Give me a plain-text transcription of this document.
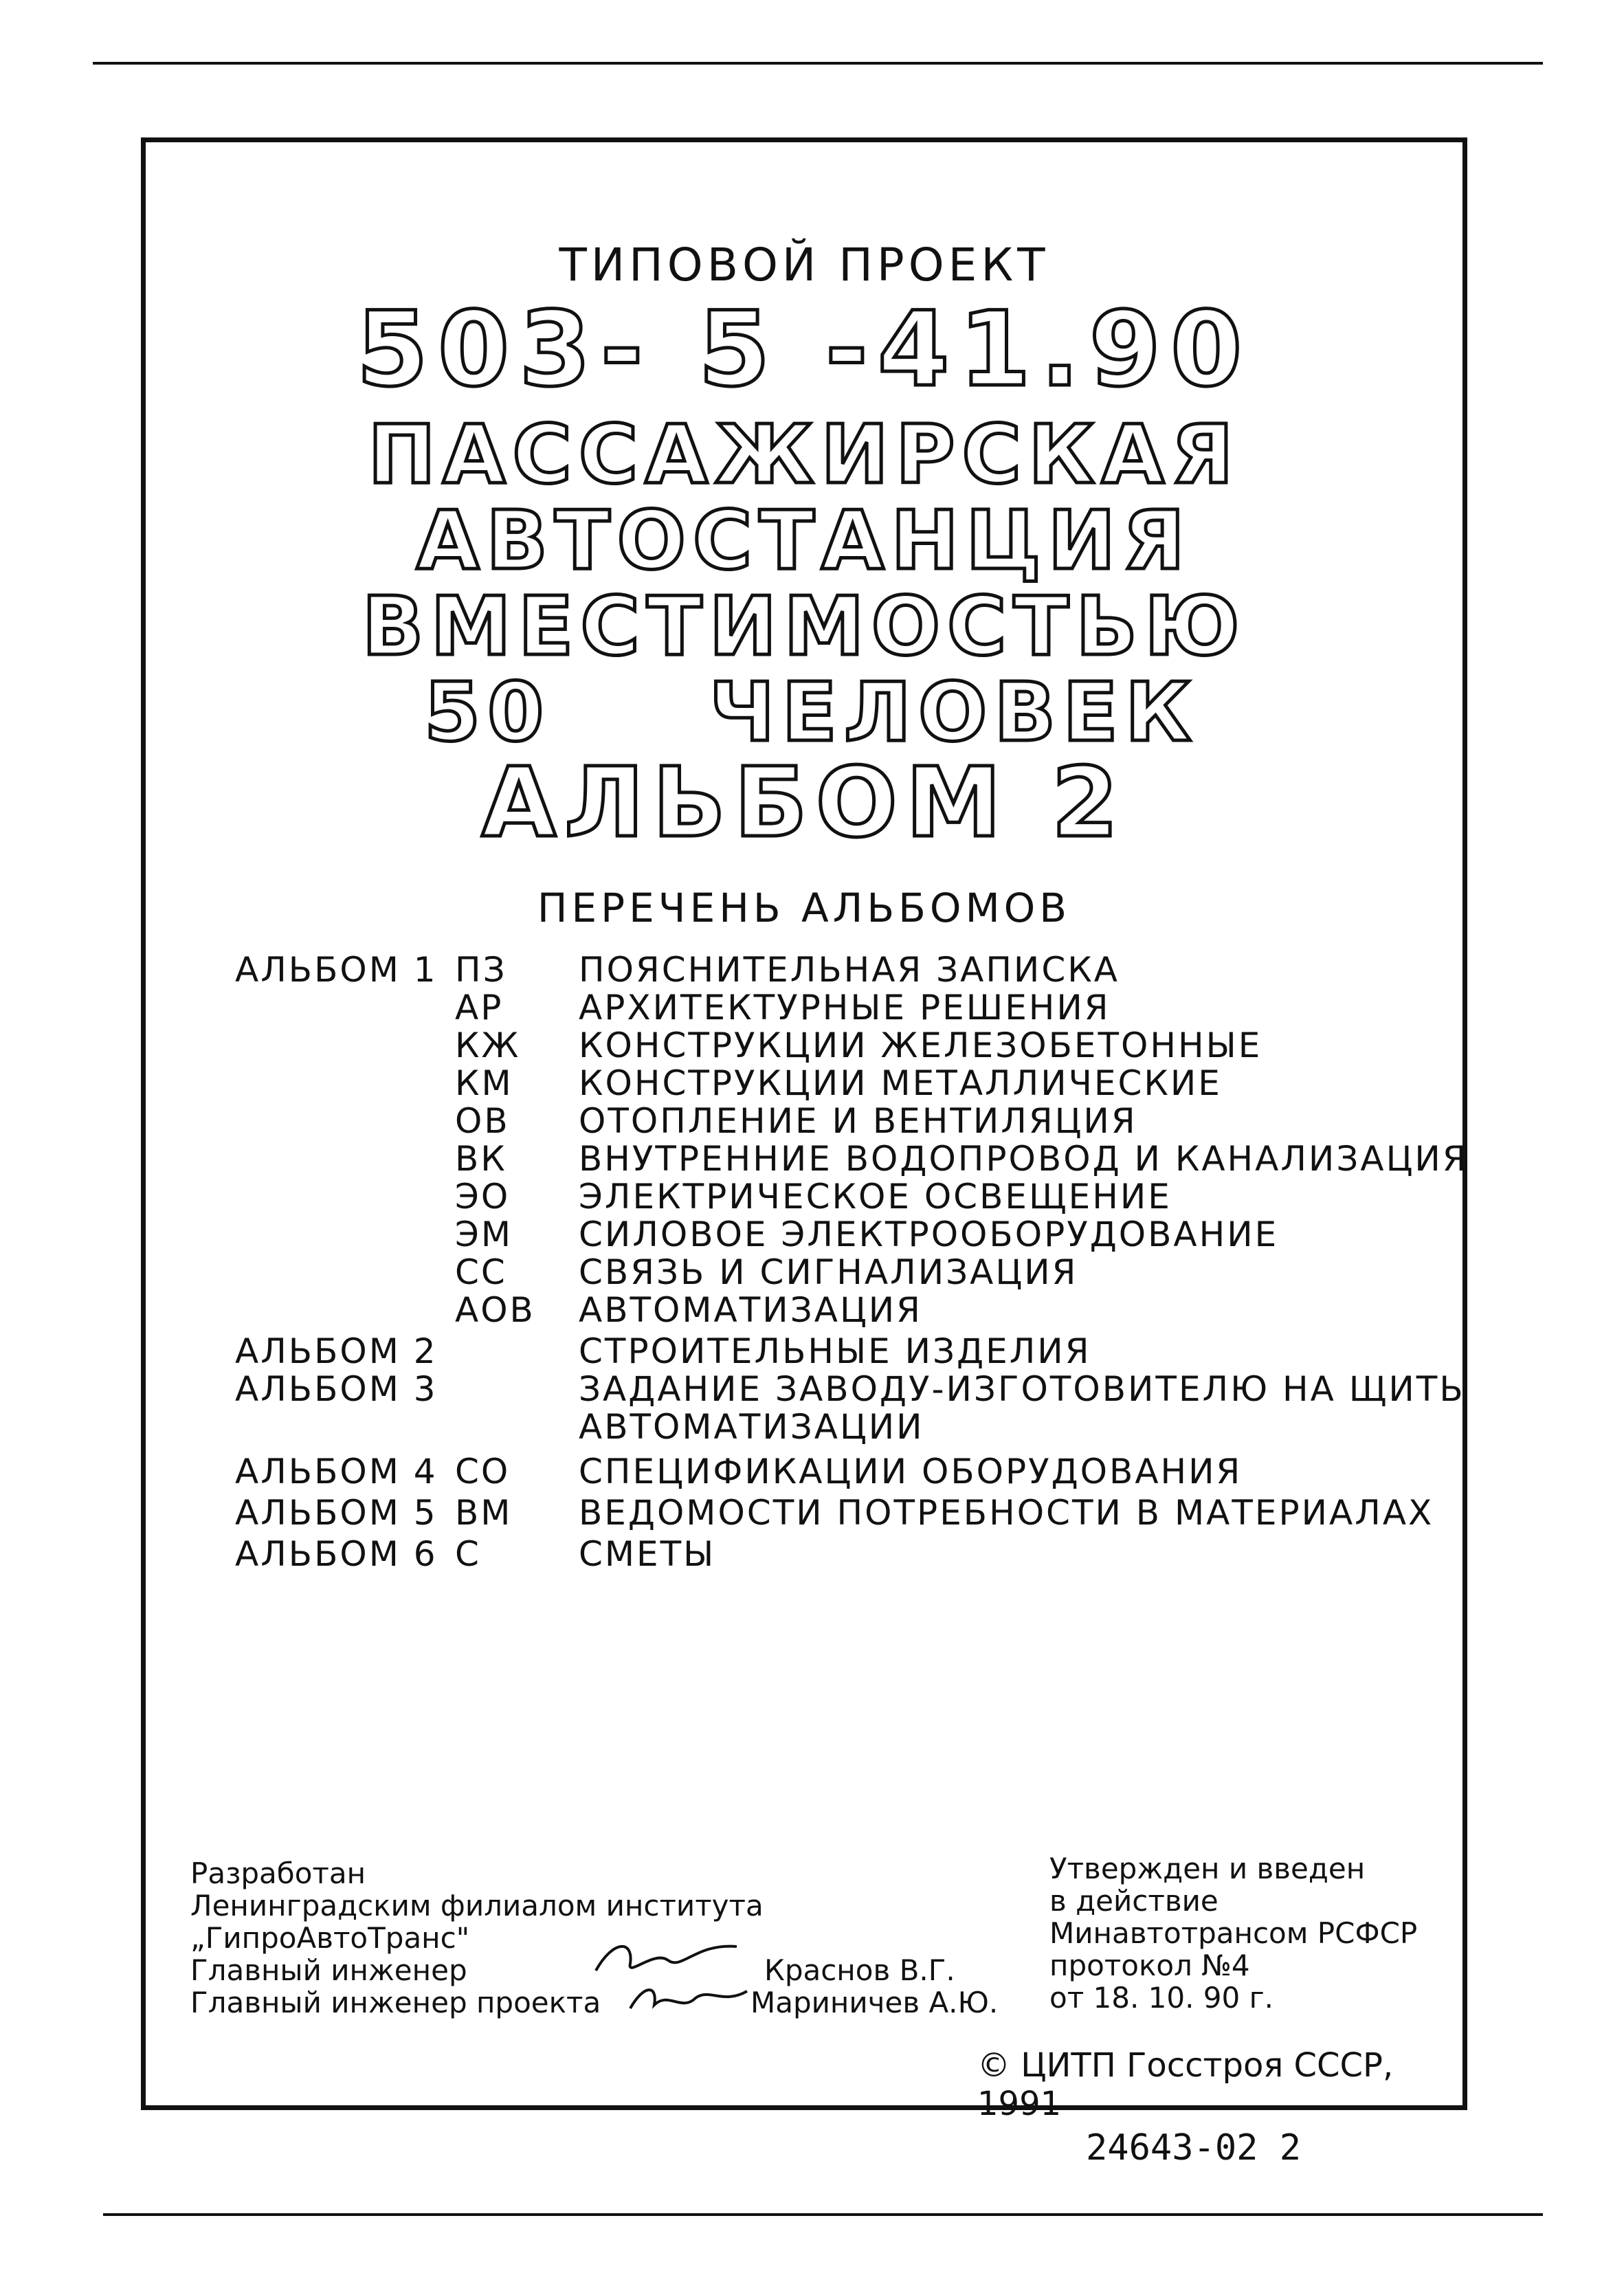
ТИПОВОЙ ПРОЕКТ
503- 5 -41.90
ПАССАЖИРСКАЯ
АВТОСТАНЦИЯ
ВМЕСТИМОСТЬЮ
50 ЧЕЛОВЕК
АЛЬБОМ 2
ПЕРЕЧЕНЬ АЛЬБОМОВ
АЛЬБОМ 1 ПЗ ПОЯСНИТЕЛЬНАЯ ЗАПИСКА
АР АРХИТЕКТУРНЫЕ РЕШЕНИЯ
КЖ КОНСТРУКЦИИ ЖЕЛЕЗОБЕТОННЫЕ
КМ КОНСТРУКЦИИ МЕТАЛЛИЧЕСКИЕ
ОВ ОТОПЛЕНИЕ И ВЕНТИЛЯЦИЯ
ВК ВНУТРЕННИЕ ВОДОПРОВОД И КАНАЛИЗАЦИЯ
ЭО ЭЛЕКТРИЧЕСКОЕ ОСВЕЩЕНИЕ
ЭМ СИЛОВОЕ ЭЛЕКТРООБОРУДОВАНИЕ
СС СВЯЗЬ И СИГНАЛИЗАЦИЯ
АОВ АВТОМАТИЗАЦИЯ
АЛЬБОМ 2	СТРОИТЕЛЬНЫЕ ИЗДЕЛИЯ
АЛЬБОМ 3	ЗАДАНИЕ ЗАВОДУ-ИЗГОТОВИТЕЛЮ НА ЩИТЫ
АВТОМАТИЗАЦИИ
АЛЬБОМ 4 СО СПЕЦИФИКАЦИИ ОБОРУДОВАНИЯ
АЛЬБОМ 5 ВМ ВЕДОМОСТИ ПОТРЕБНОСТИ В МАТЕРИАЛАХ
АЛЬБОМ 6 С	СМЕТЫ
Разработан
Ленинградским филиалом института
„ГипроАвтоТранс"
Главный инженер
Главный инженер проекта
Краснов В.Г.
Мариничев А.Ю.
Утвержден и введен
в действие
Минавтотрансом РСФСР
протокол №4
от 18. 10. 90 г.
© ЦИТП Госстроя СССР, 1991
24643-02 2
